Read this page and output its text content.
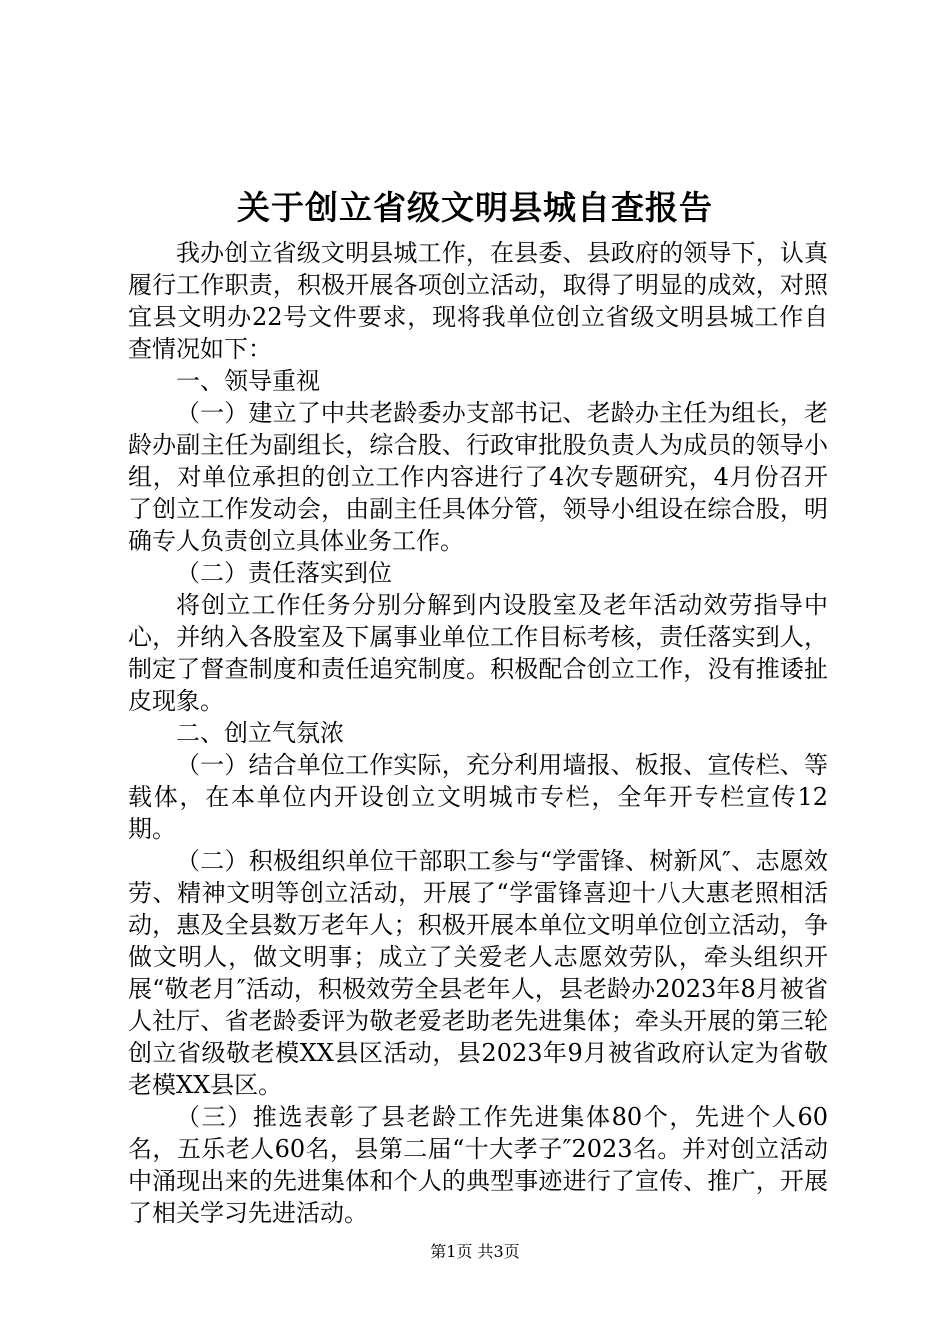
关于创立省级文明县城自查报告

我办创立省级文明县城工作，在县委、县政府的领导下，认真履行工作职责，积极开展各项创立活动，取得了明显的成效，对照宜县文明办22号文件要求，现将我单位创立省级文明县城工作自查情况如下：

一、领导重视

（一）建立了中共老龄委办支部书记、老龄办主任为组长，老龄办副主任为副组长，综合股、行政审批股负责人为成员的领导小组，对单位承担的创立工作内容进行了4次专题研究，4月份召开了创立工作发动会，由副主任具体分管，领导小组设在综合股，明确专人负责创立具体业务工作。

（二）责任落实到位

将创立工作任务分别分解到内设股室及老年活动效劳指导中心，并纳入各股室及下属事业单位工作目标考核，责任落实到人，制定了督查制度和责任追究制度。积极配合创立工作，没有推诿扯皮现象。

二、创立气氛浓

（一）结合单位工作实际，充分利用墙报、板报、宣传栏、等载体，在本单位内开设创立文明城市专栏，全年开专栏宣传12期。

（二）积极组织单位干部职工参与“学雷锋、树新风″、志愿效劳、精神文明等创立活动，开展了“学雷锋喜迎十八大惠老照相活动，惠及全县数万老年人；积极开展本单位文明单位创立活动，争做文明人，做文明事；成立了关爱老人志愿效劳队，牵头组织开展“敬老月″活动，积极效劳全县老年人，县老龄办2023年8月被省人社厅、省老龄委评为敬老爱老助老先进集体；牵头开展的第三轮创立省级敬老模XX县区活动，县2023年9月被省政府认定为省敬老模XX县区。

（三）推选表彰了县老龄工作先进集体80个，先进个人60名，五乐老人60名，县第二届“十大孝子″2023名。并对创立活动中涌现出来的先进集体和个人的典型事迹进行了宣传、推广，开展了相关学习先进活动。

第1页 共3页
